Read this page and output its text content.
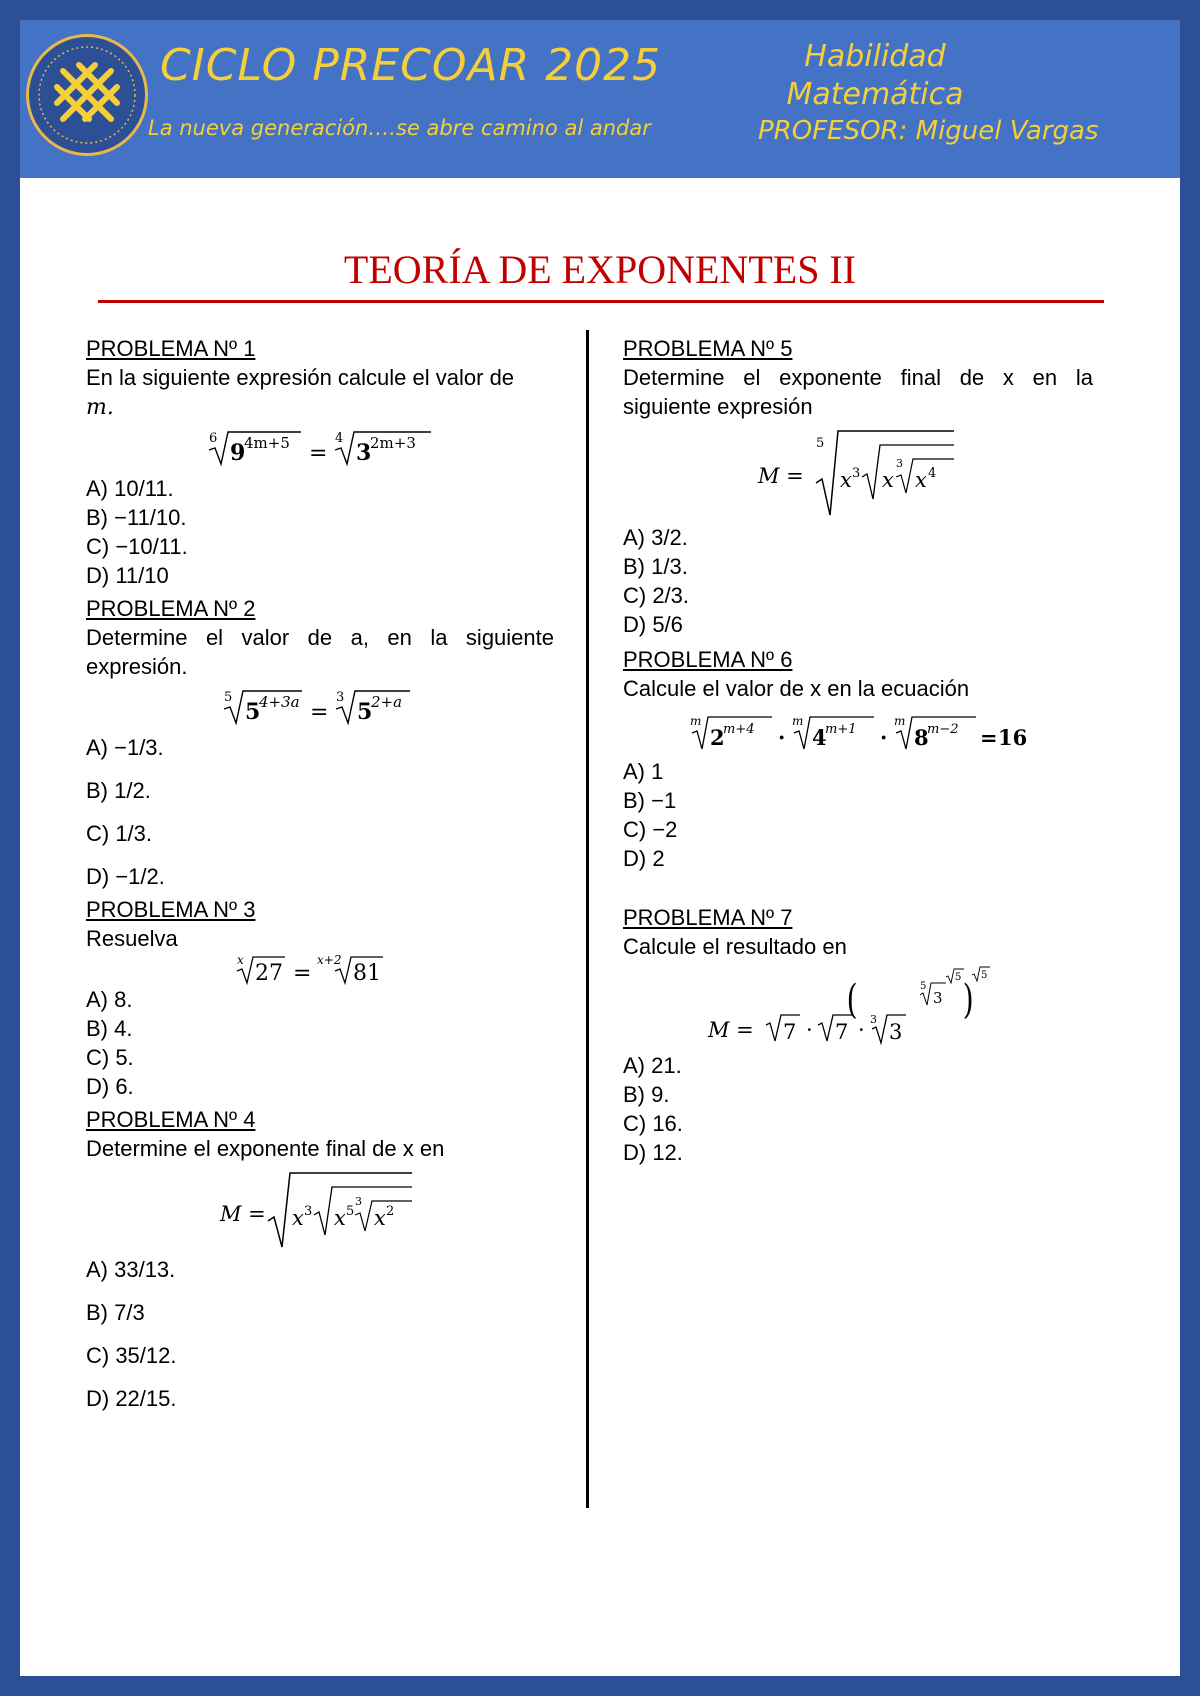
CICLO PRECOAR 2025
La nueva generación….se abre camino al andar
Habilidad
Matemática
PROFESOR: Miguel Vargas
TEORÍA DE EXPONENTES II
PROBLEMA Nº 1
En la siguiente expresión calcule el valor de
m.
6
9
4m+5 =
4
3
2m+3
A) 10/11.
B) −11/10.
C) −10/11.
D) 11/10
PROBLEMA Nº 2
Determine el valor de a, en la siguiente expresión.
5
5
4+3a =
3
5
2+a
A) −1/3.
B) 1/2.
C) 1/3.
D) −1/2.
PROBLEMA Nº 3
Resuelva
x
27 =
x+2
81
A) 8.
B) 4.
C) 5.
D) 6.
PROBLEMA Nº 4
Determine el exponente final de x en
M = x 3 x 5
3
x 2
A) 33/13.
B) 7/3
C) 35/12.
D) 22/15.
PROBLEMA Nº 5
Determine el exponente final de x en la siguiente expresión
M =
5
x 3 x
3
x 4
A) 3/2.
B) 1/3.
C) 2/3.
D) 5/6
PROBLEMA Nº 6
Calcule el valor de x en la ecuación
m
2
m+4 ·
m
4
m+1 ·
m
8
m−2 = 16
A) 1
B) −1
C) −2
D) 2
PROBLEMA Nº 7
Calcule el resultado en
M = 7 · 7 · 3
3
(	5
3
5 )
5
A) 21.
B) 9.
C) 16.
D) 12.
